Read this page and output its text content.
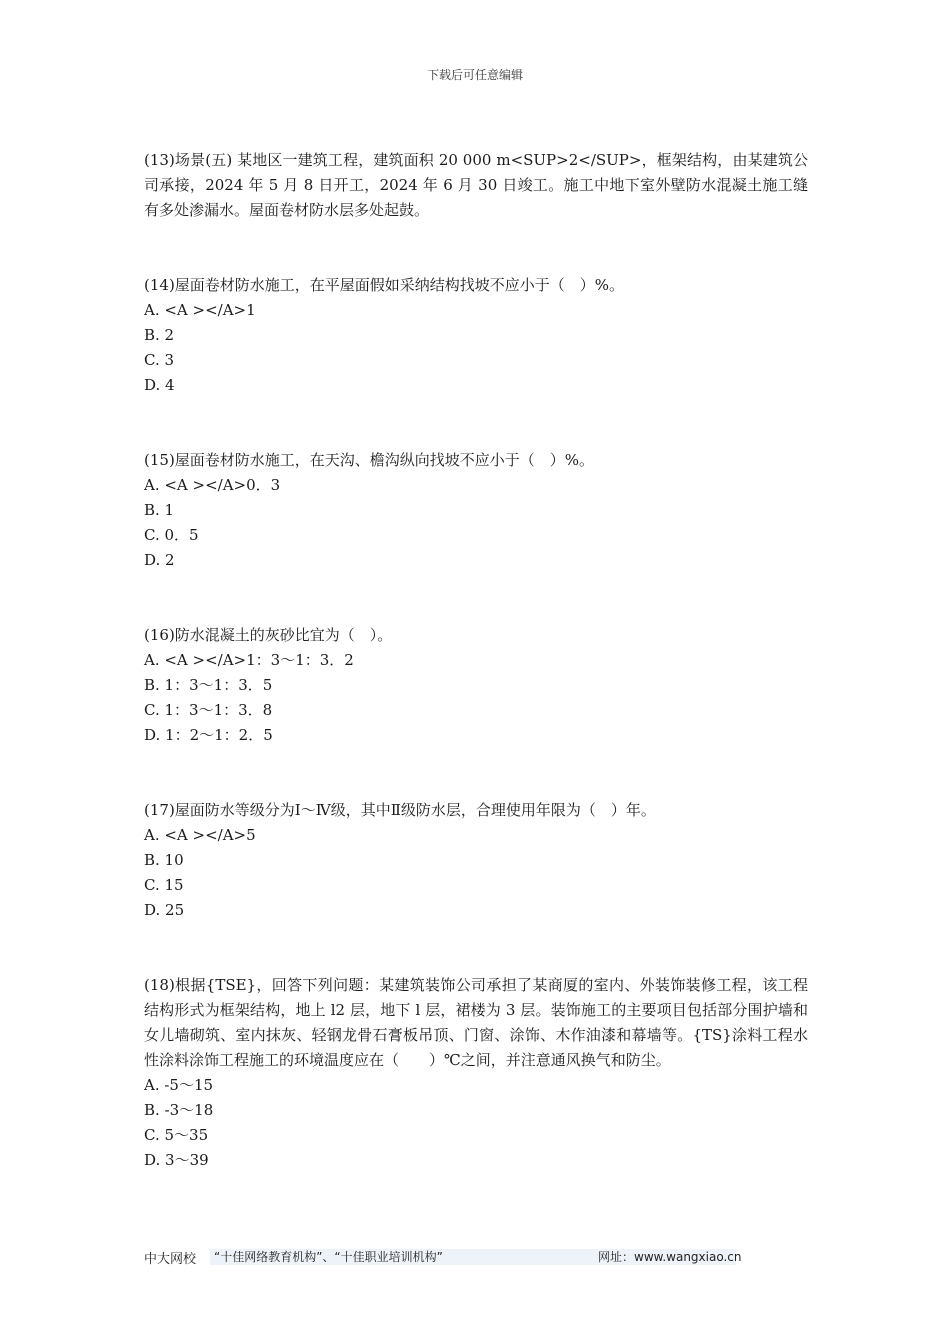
下载后可任意编辑

(13)场景(五) 某地区一建筑工程，建筑面积 20 000 m<SUP>2</SUP>，框架结构，由某建筑公司承接，2024 年 5 月 8 日开工，2024 年 6 月 30 日竣工。施工中地下室外壁防水混凝土施工缝有多处渗漏水。屋面卷材防水层多处起鼓。

(14)屋面卷材防水施工，在平屋面假如采纳结构找坡不应小于（　）%。

A. <A ></A>1

B. 2

C. 3

D. 4

(15)屋面卷材防水施工，在天沟、檐沟纵向找坡不应小于（　）%。

A. <A ></A>0．3

B. 1

C. 0．5

D. 2

(16)防水混凝土的灰砂比宜为（　）。

A. <A ></A>1：3～1：3．2

B. 1：3～1：3．5

C. 1：3～1：3．8

D. 1：2～1：2．5

(17)屋面防水等级分为Ⅰ～Ⅳ级，其中Ⅱ级防水层，合理使用年限为（　）年。

A. <A ></A>5

B. 10

C. 15

D. 25

(18)根据{TSE}，回答下列问题：某建筑装饰公司承担了某商厦的室内、外装饰装修工程，该工程结构形式为框架结构，地上 l2 层，地下 l 层，裙楼为 3 层。装饰施工的主要项目包括部分围护墙和女儿墙砌筑、室内抹灰、轻钢龙骨石膏板吊顶、门窗、涂饰、木作油漆和幕墙等。{TS}涂料工程水性涂料涂饰工程施工的环境温度应在（　　）℃之间，并注意通风换气和防尘。

A. -5～15

B. -3～18

C. 5～35

D. 3～39

中大网校 “十佳网络教育机构”、“十佳职业培训机构”	网址：www.wangxiao.cn
